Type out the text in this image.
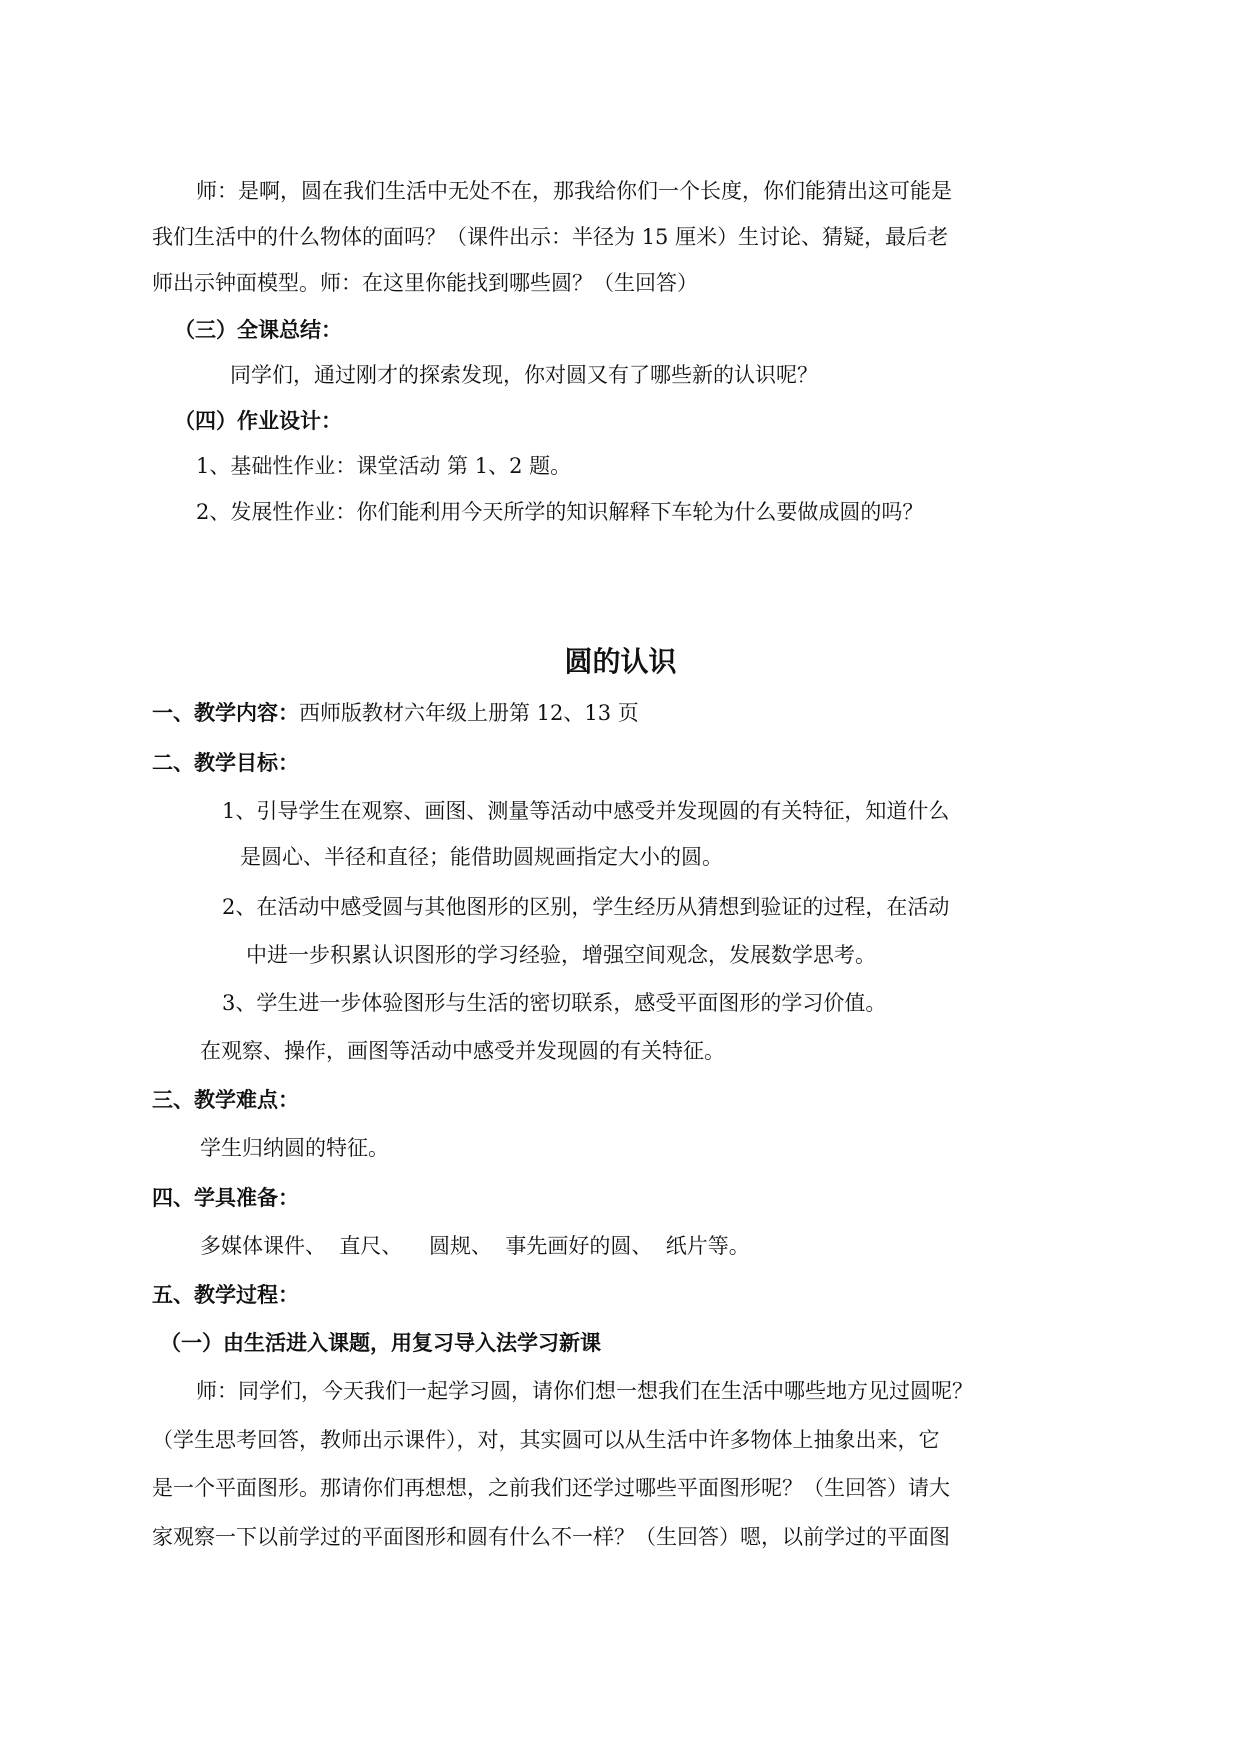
师：是啊，圆在我们生活中无处不在，那我给你们一个长度，你们能猜出这可能是
我们生活中的什么物体的面吗？（课件出示：半径为 15 厘米）生讨论、猜疑，最后老
师出示钟面模型。师：在这里你能找到哪些圆？（生回答）
（三）全课总结：
同学们，通过刚才的探索发现，你对圆又有了哪些新的认识呢？
（四）作业设计：
1、基础性作业：课堂活动 第 1、2 题。
2、发展性作业：你们能利用今天所学的知识解释下车轮为什么要做成圆的吗？
圆的认识
一、教学内容：西师版教材六年级上册第 12、13 页
二、教学目标：
1、引导学生在观察、画图、测量等活动中感受并发现圆的有关特征，知道什么
是圆心、半径和直径；能借助圆规画指定大小的圆。
2、在活动中感受圆与其他图形的区别，学生经历从猜想到验证的过程，在活动
中进一步积累认识图形的学习经验，增强空间观念，发展数学思考。
3、学生进一步体验图形与生活的密切联系，感受平面图形的学习价值。
在观察、操作，画图等活动中感受并发现圆的有关特征。
三、教学难点：
学生归纳圆的特征。
四、学具准备：
多媒体课件、  直尺、    圆规、  事先画好的圆、  纸片等。
五、教学过程：
（一）由生活进入课题，用复习导入法学习新课
师：同学们，今天我们一起学习圆，请你们想一想我们在生活中哪些地方见过圆呢？
（学生思考回答，教师出示课件），对，其实圆可以从生活中许多物体上抽象出来，它
是一个平面图形。那请你们再想想，之前我们还学过哪些平面图形呢？（生回答）请大
家观察一下以前学过的平面图形和圆有什么不一样？（生回答）嗯，以前学过的平面图
